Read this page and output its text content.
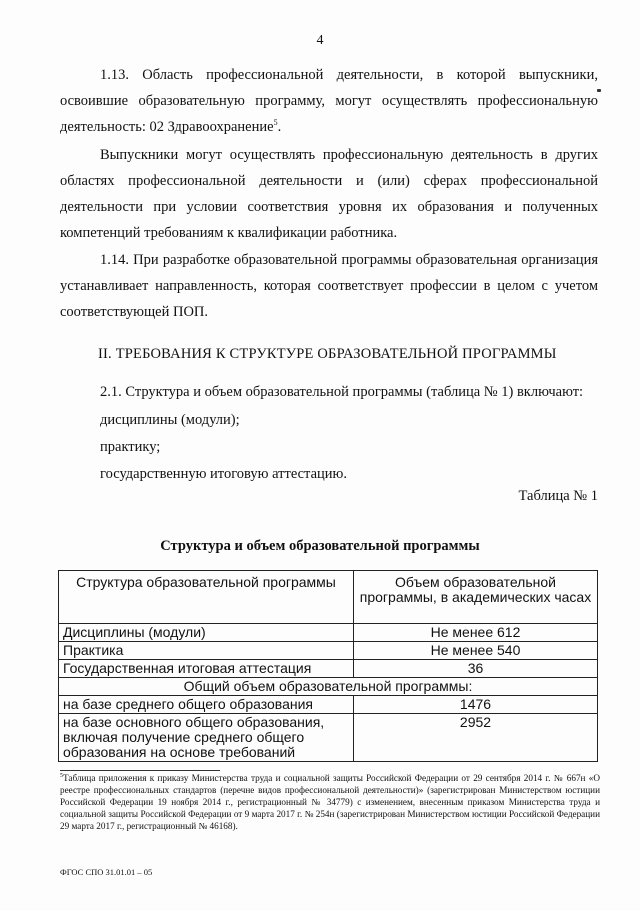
4

1.13. Область профессиональной деятельности, в которой выпускники, освоившие образовательную программу, могут осуществлять профессиональную деятельность: 02 Здравоохранение$^5$.

Выпускники могут осуществлять профессиональную деятельность в других областях профессиональной деятельности и (или) сферах профессиональной деятельности при условии соответствия уровня их образования и полученных компетенций требованиям к квалификации работника.

1.14. При разработке образовательной программы образовательная организация устанавливает направленность, которая соответствует профессии в целом с учетом соответствующей ПОП.

II. ТРЕБОВАНИЯ К СТРУКТУРЕ ОБРАЗОВАТЕЛЬНОЙ ПРОГРАММЫ

2.1. Структура и объем образовательной программы (таблица № 1) включают:

дисциплины (модули);

практику;

государственную итоговую аттестацию.

Таблица № 1

Структура и объем образовательной программы

Структура образовательной программы	Объем образовательной программы, в академических часах
Дисциплины (модули)	Не менее 612
Практика	Не менее 540
Государственная итоговая аттестация	36
Общий объем образовательной программы:	
на базе среднего общего образования	1476
на базе основного общего образования, включая получение среднего общего образования на основе требований	2952

$^5$Таблица приложения к приказу Министерства труда и социальной защиты Российской Федерации от 29 сентября 2014 г. № 667н «О реестре профессиональных стандартов (перечне видов профессиональной деятельности)» (зарегистрирован Министерством юстиции Российской Федерации 19 ноября 2014 г., регистрационный № 34779) с изменением, внесенным приказом Министерства труда и социальной защиты Российской Федерации от 9 марта 2017 г. № 254н (зарегистрирован Министерством юстиции Российской Федерации 29 марта 2017 г., регистрационный № 46168).

ФГОС СПО 31.01.01 – 05
